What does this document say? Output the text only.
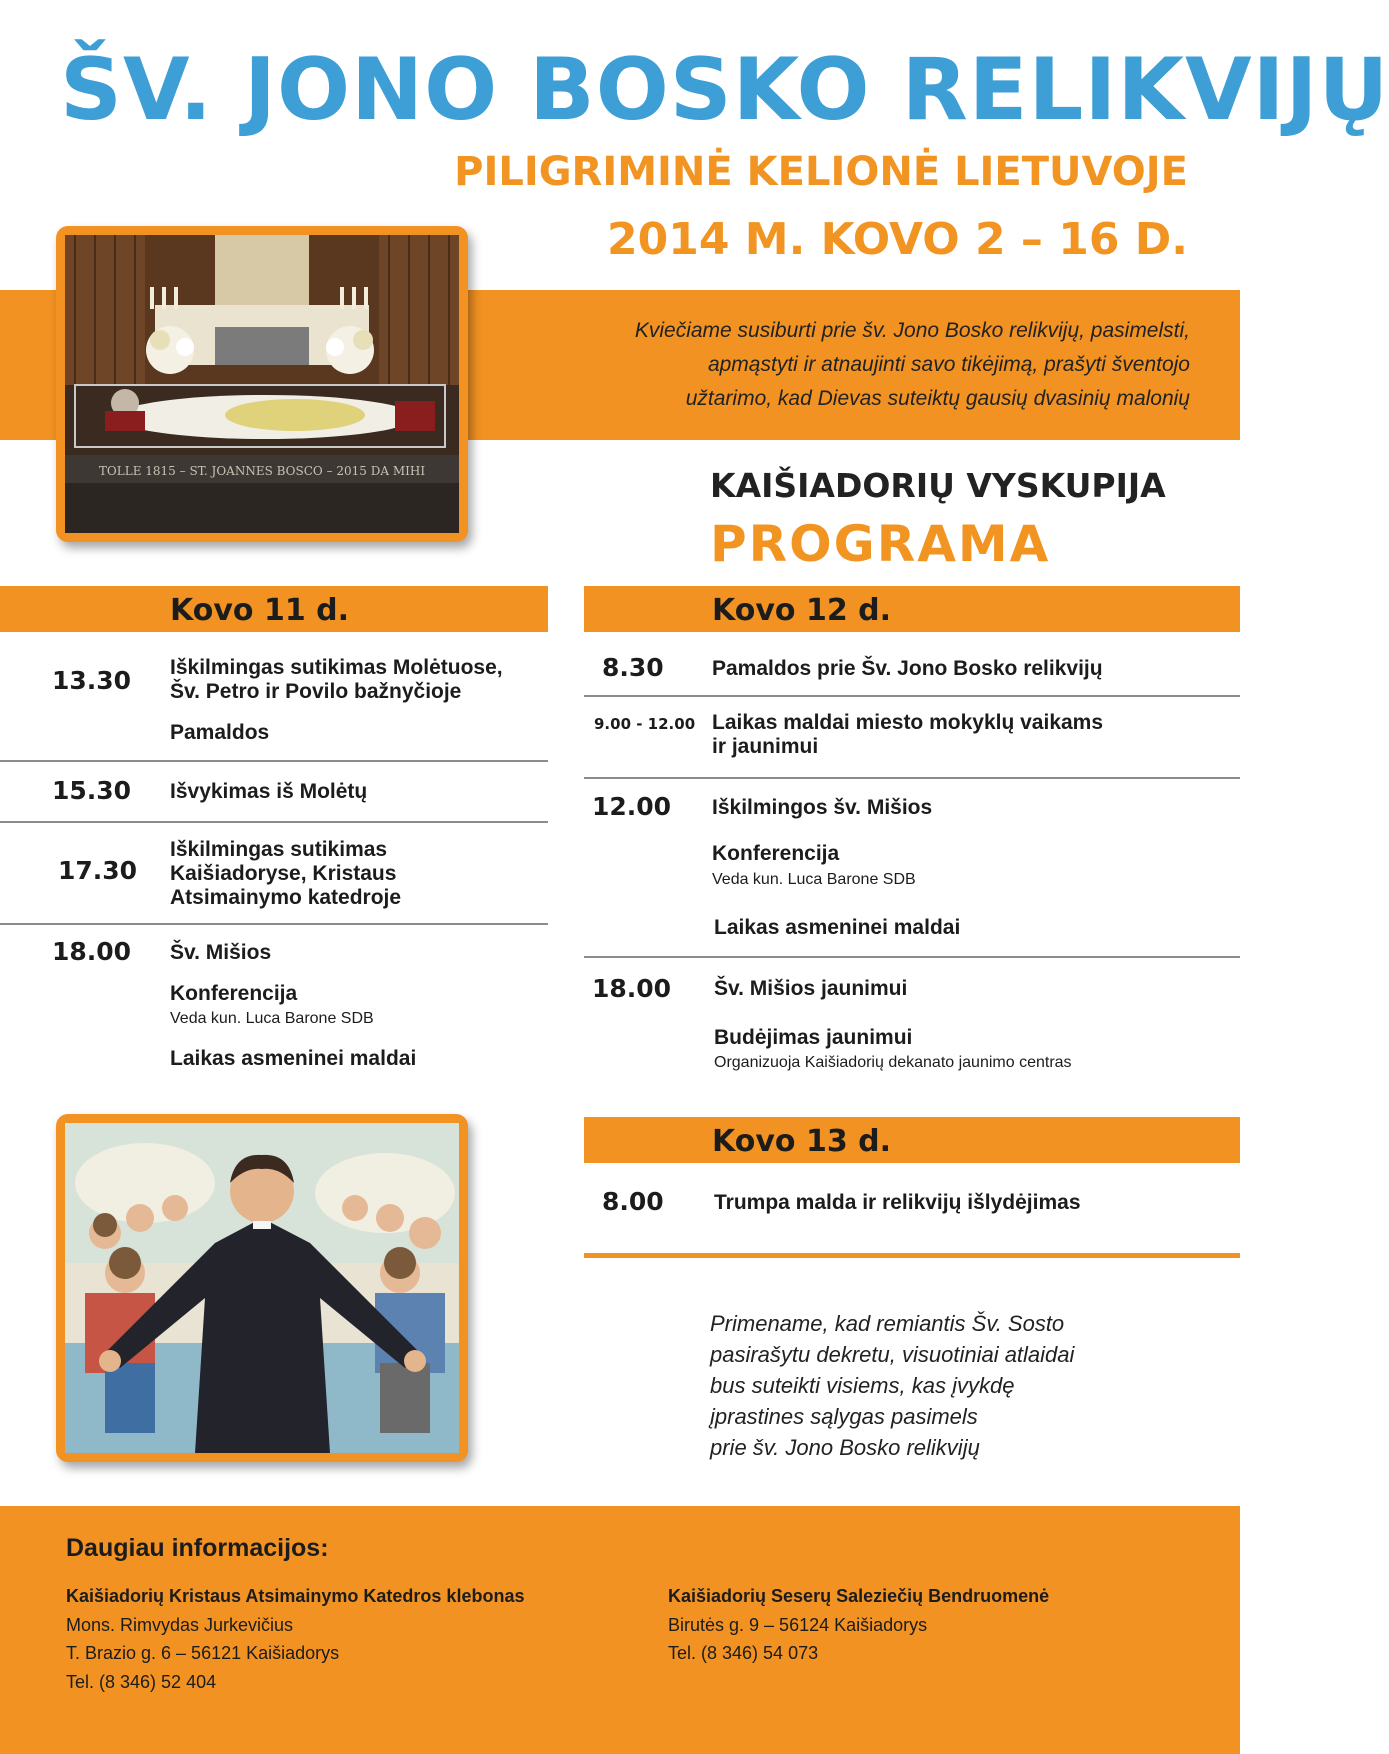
ŠV. JONO BOSKO RELIKVIJŲ
PILIGRIMINĖ KELIONĖ LIETUVOJE
2014 M. KOVO 2 – 16 D.
Kviečiame susiburti prie šv. Jono Bosko relikvijų, pasimelsti,
apmąstyti ir atnaujinti savo tikėjimą, prašyti šventojo
užtarimo, kad Dievas suteiktų gausių dvasinių malonių
TOLLE 1815 – ST. JOANNES BOSCO – 2015 DA MIHI	KAIŠIADORIŲ VYSKUPIJA
PROGRAMA
Kovo 11 d.
13.30 Iškilmingas sutikimas Molėtuose,
Šv. Petro ir Povilo bažnyčioje
Pamaldos
15.30 Išvykimas iš Molėtų
17.30
Iškilmingas sutikimas
Kaišiadoryse, Kristaus
Atsimainymo katedroje
18.00 Šv. Mišios
Konferencija
Veda kun. Luca Barone SDB
Laikas asmeninei maldai
Kovo 12 d.
8.30 Pamaldos prie Šv. Jono Bosko relikvijų
9.00 - 12.00 Laikas maldai miesto mokyklų vaikams
ir jaunimui
12.00 Iškilmingos šv. Mišios
Konferencija
Veda kun. Luca Barone SDB
Laikas asmeninei maldai
18.00 Šv. Mišios jaunimui
Budėjimas jaunimui
Organizuoja Kaišiadorių dekanato jaunimo centras
Kovo 13 d.
8.00 Trumpa malda ir relikvijų išlydėjimas
Primename, kad remiantis Šv. Sosto
pasirašytu dekretu, visuotiniai atlaidai
bus suteikti visiems, kas įvykdę
įprastines sąlygas pasimels
prie šv. Jono Bosko relikvijų
Daugiau informacijos:
Kaišiadorių Kristaus Atsimainymo Katedros klebonas
Mons. Rimvydas Jurkevičius
T. Brazio g. 6 – 56121 Kaišiadorys
Tel. (8 346) 52 404
Kaišiadorių Seserų Saleziečių Bendruomenė
Birutės g. 9 – 56124 Kaišiadorys
Tel. (8 346) 54 073
